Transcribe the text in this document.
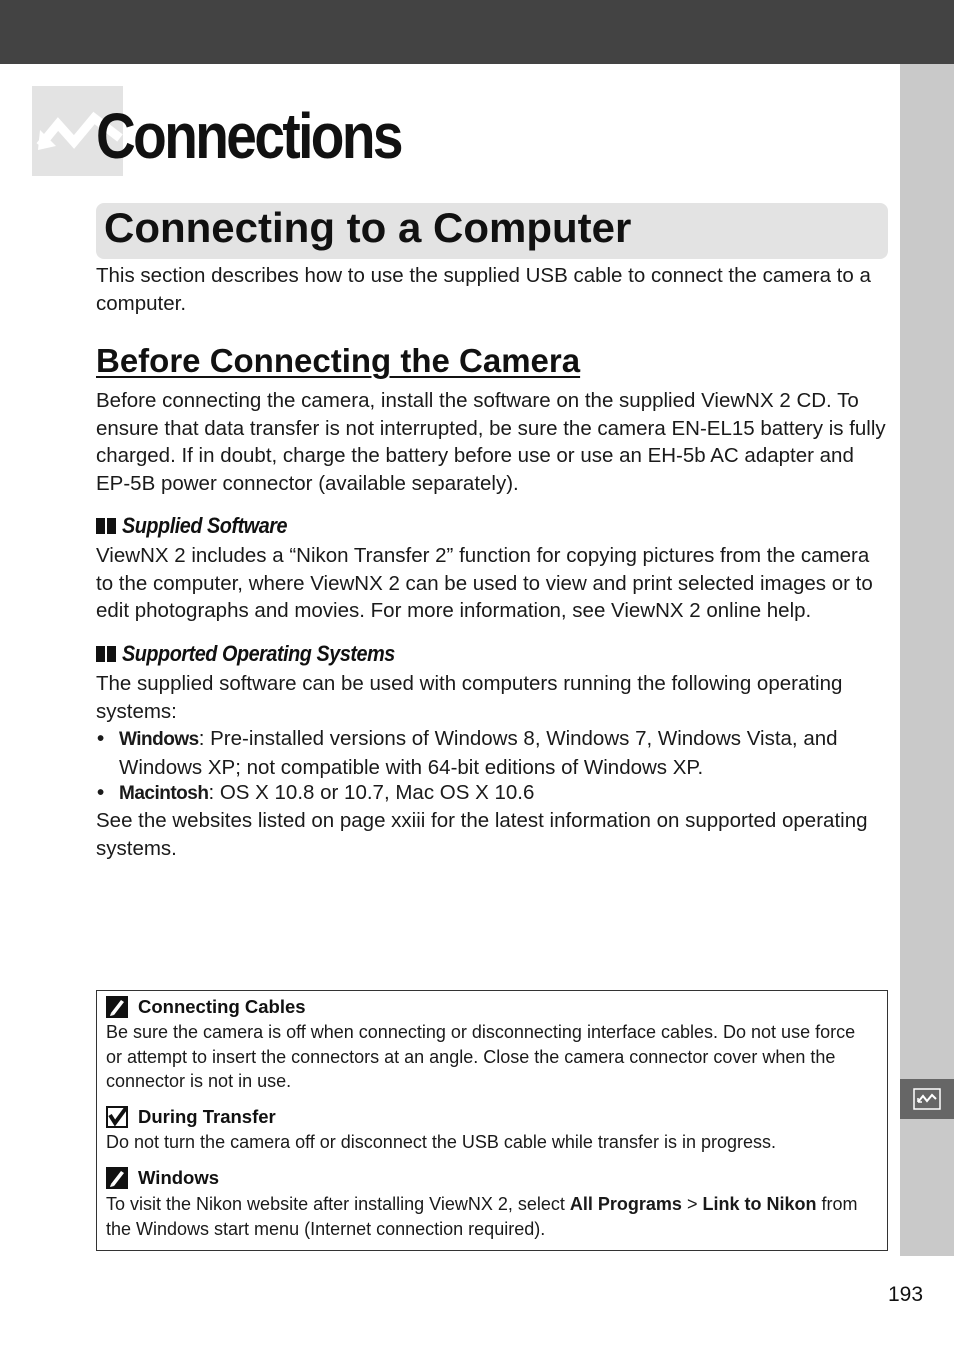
Connections
Connecting to a Computer

This section describes how to use the supplied USB cable to connect the camera to a computer.

Before Connecting the Camera

Before connecting the camera, install the software on the supplied ViewNX 2 CD. To ensure that data transfer is not interrupted, be sure the camera EN-EL15 battery is fully charged. If in doubt, charge the battery before use or use an EH-5b AC adapter and EP-5B power connector (available separately).

Supplied Software

ViewNX 2 includes a “Nikon Transfer 2” function for copying pictures from the camera to the computer, where ViewNX 2 can be used to view and print selected images or to edit photographs and movies. For more information, see ViewNX 2 online help.

Supported Operating Systems

The supplied software can be used with computers running the following operating systems:

• Windows: Pre-installed versions of Windows 8, Windows 7, Windows Vista, and Windows XP; not compatible with 64-bit editions of Windows XP.

• Macintosh: OS X 10.8 or 10.7, Mac OS X 10.6

See the websites listed on page xxiii for the latest information on supported operating systems.

Connecting Cables

Be sure the camera is off when connecting or disconnecting interface cables. Do not use force or attempt to insert the connectors at an angle. Close the camera connector cover when the connector is not in use.

During Transfer

Do not turn the camera off or disconnect the USB cable while transfer is in progress.

Windows

To visit the Nikon website after installing ViewNX 2, select All Programs > Link to Nikon from the Windows start menu (Internet connection required).

193
